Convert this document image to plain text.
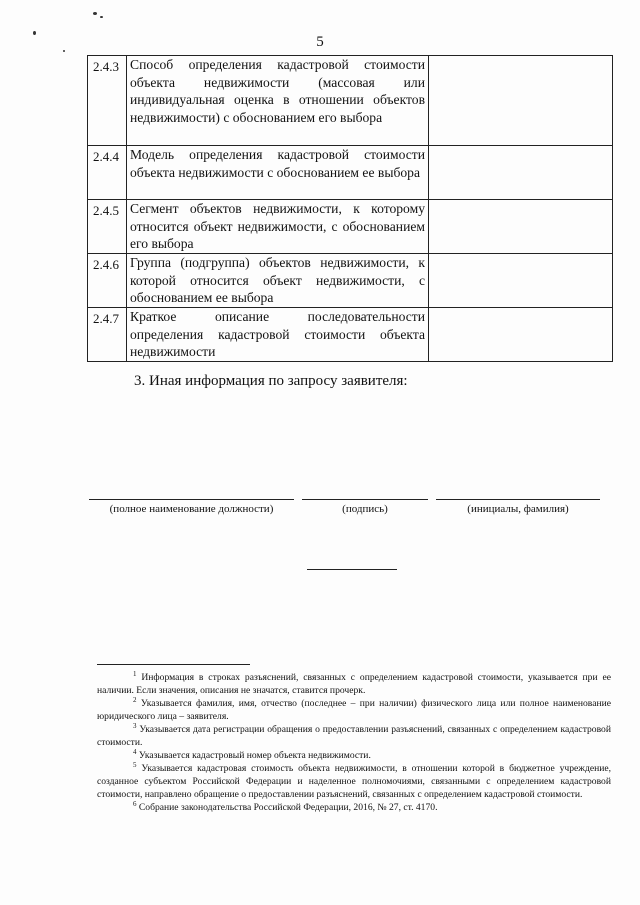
5
2.4.3	Способ определения кадастровой стоимости объекта недвижимости (массовая или индивидуальная оценка в отношении объектов недвижимости) с обоснованием его выбора	
2.4.4	Модель определения кадастровой стоимости объекта недвижимости с обоснованием ее выбора	
2.4.5	Сегмент объектов недвижимости, к которому относится объект недвижимости, с обоснованием его выбора	
2.4.6	Группа (подгруппа) объектов недвижимости, к которой относится объект недвижимости, с обоснованием ее выбора	
2.4.7	Краткое описание последовательности определения кадастровой стоимости объекта недвижимости	
3. Иная информация по запросу заявителя:
(полное наименование должности)	(подпись)	(инициалы, фамилия)

$^1$ Информация в строках разъяснений, связанных с определением кадастровой стоимости, указывается при ее наличии. Если значения, описания не значатся, ставится прочерк.

$^2$ Указывается фамилия, имя, отчество (последнее – при наличии) физического лица или полное наименование юридического лица – заявителя.

$^3$ Указывается дата регистрации обращения о предоставлении разъяснений, связанных с определением кадастровой стоимости.

$^4$ Указывается кадастровый номер объекта недвижимости.

$^5$ Указывается кадастровая стоимость объекта недвижимости, в отношении которой в бюджетное учреждение, созданное субъектом Российской Федерации и наделенное полномочиями, связанными с определением кадастровой стоимости, направлено обращение о предоставлении разъяснений, связанных с определением кадастровой стоимости.

$^6$ Собрание законодательства Российской Федерации, 2016, № 27, ст. 4170.
